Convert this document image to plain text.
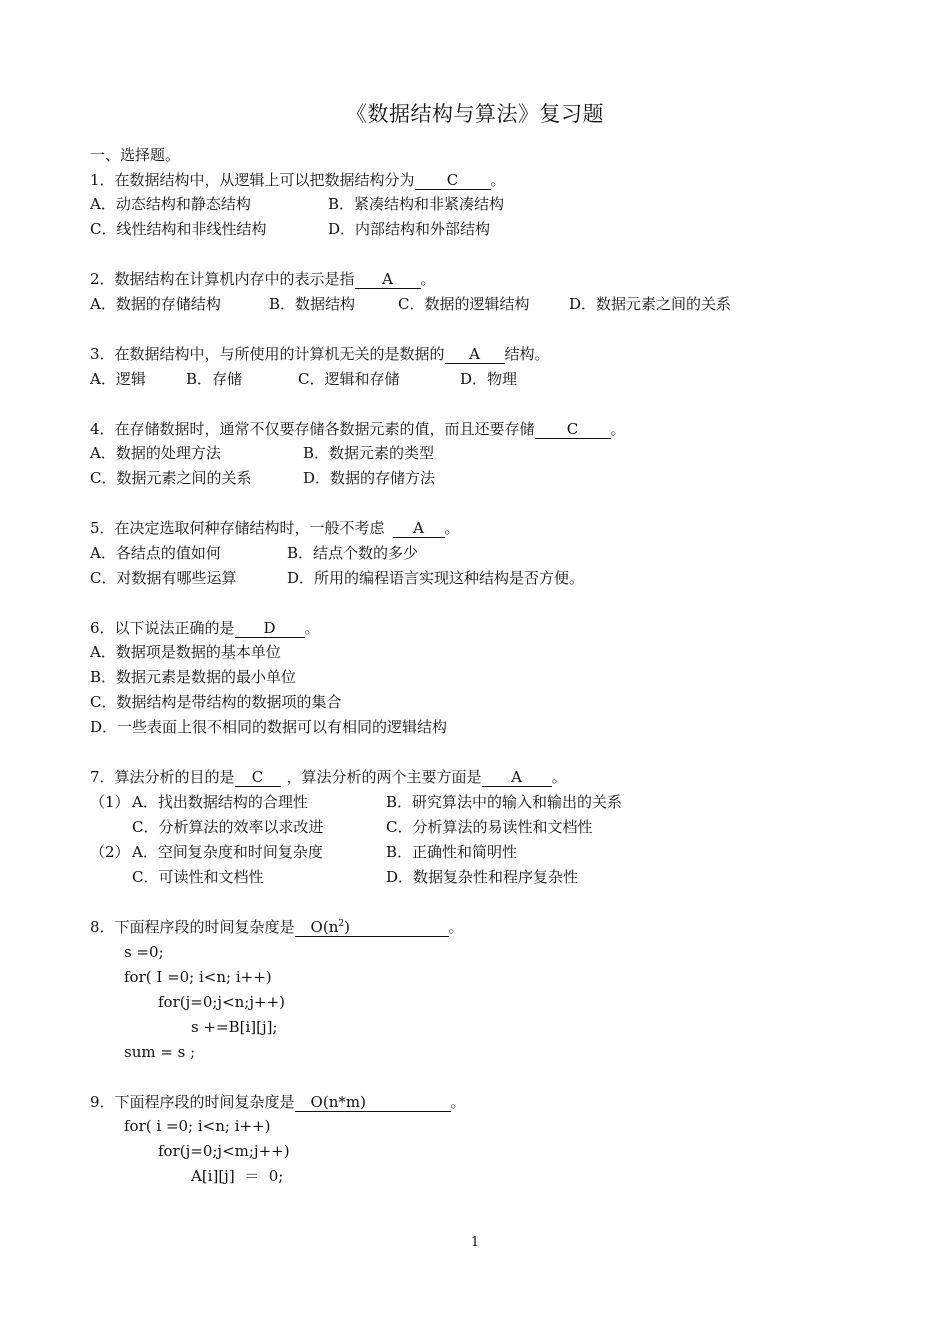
《数据结构与算法》复习题
一、选择题。
1．在数据结构中，从逻辑上可以把数据结构分为 C 。
A．动态结构和静态结构	B．紧凑结构和非紧凑结构
C．线性结构和非线性结构	D．内部结构和外部结构
2．数据结构在计算机内存中的表示是指 A 。
A．数据的存储结构	B．数据结构	C．数据的逻辑结构	D．数据元素之间的关系
3．在数据结构中，与所使用的计算机无关的是数据的 A 结构。
A．逻辑	B．存储	C．逻辑和存储	D．物理
4．在存储数据时，通常不仅要存储各数据元素的值，而且还要存储 C 。
A．数据的处理方法	B．数据元素的类型
C．数据元素之间的关系	D．数据的存储方法
5．在决定选取何种存储结构时，一般不考虑 A 。
A．各结点的值如何	B．结点个数的多少
C．对数据有哪些运算	D．所用的编程语言实现这种结构是否方便。
6．以下说法正确的是 D 。
A．数据项是数据的基本单位
B．数据元素是数据的最小单位
C．数据结构是带结构的数据项的集合
D．一些表面上很不相同的数据可以有相同的逻辑结构
7．算法分析的目的是 C ，算法分析的两个主要方面是 A 。
（1） A．找出数据结构的合理性	B．研究算法中的输入和输出的关系
C．分析算法的效率以求改进	C．分析算法的易读性和文档性
（2） A．空间复杂度和时间复杂度	B．正确性和简明性
C．可读性和文档性	D．数据复杂性和程序复杂性
8．下面程序段的时间复杂度是 $O(n^2)$	。
s =0;
for( I =0; i<n; i++)
for(j=0;j<n;j++)
s +=B[i][j];
sum = s ;
9．下面程序段的时间复杂度是 O(n*m)	。
for( i =0; i<n; i++)
for(j=0;j<m;j++)
A[i][j]  ＝  0;
1
